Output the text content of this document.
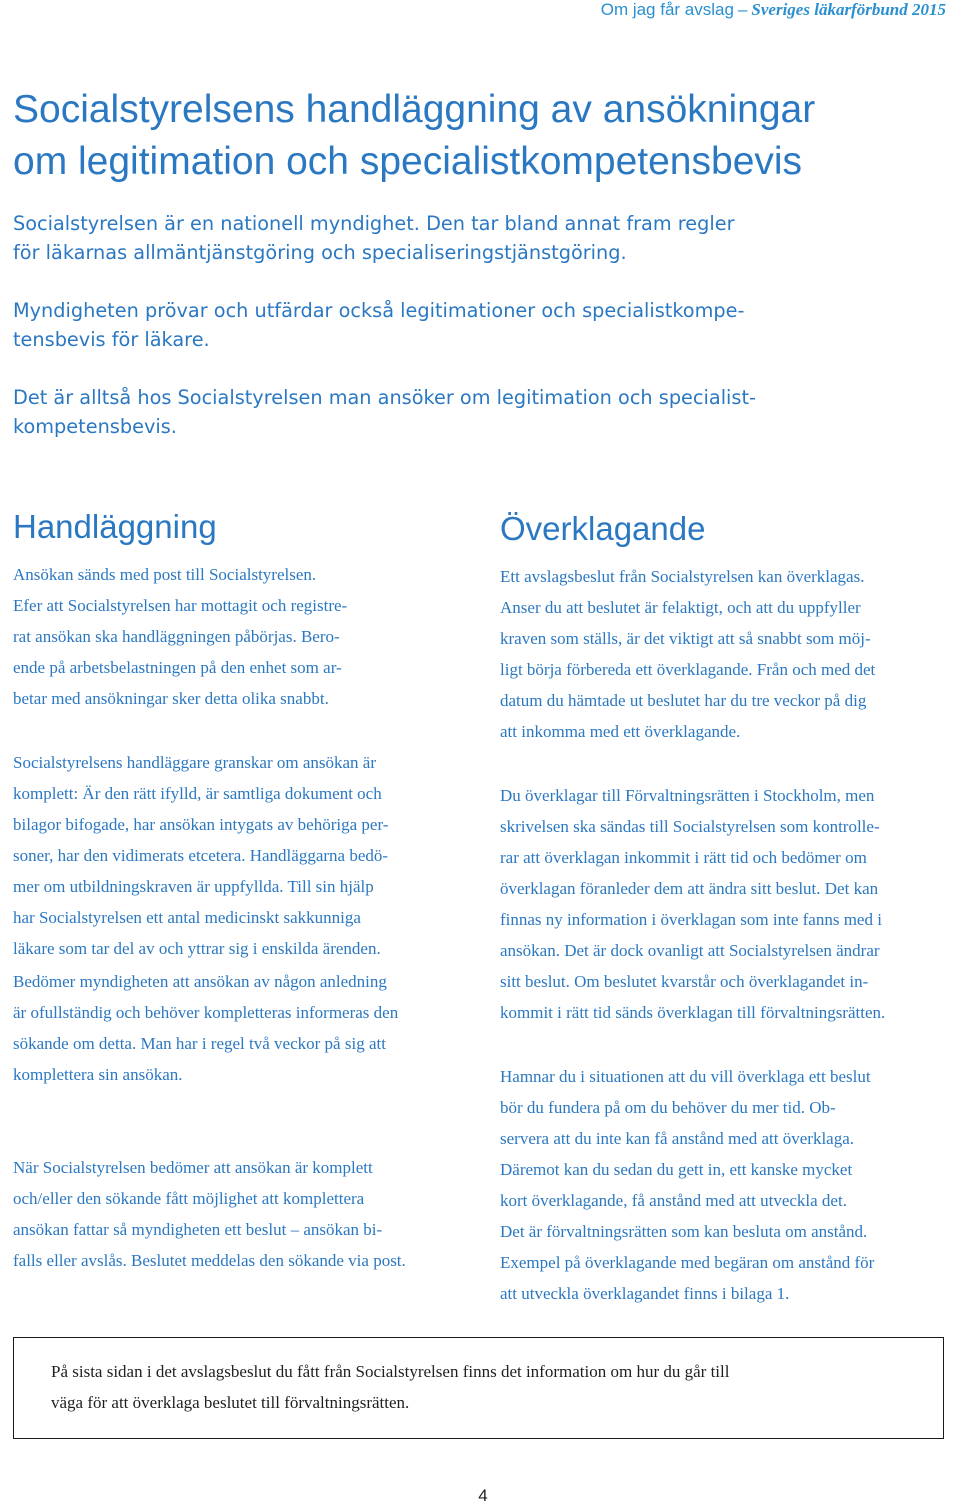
Om jag får avslag – Sveriges läkarförbund 2015
Socialstyrelsens handläggning av ansökningar
om legitimation och specialistkompetensbevis

Socialstyrelsen är en nationell myndighet. Den tar bland annat fram regler
för läkarnas allmäntjänstgöring och specialiseringstjänstgöring.

Myndigheten prövar och utfärdar också legitimationer och specialistkompe-
tensbevis för läkare.

Det är alltså hos Socialstyrelsen man ansöker om legitimation och specialist-
kompetensbevis.

Handläggning

Ansökan sänds med post till Socialstyrelsen.
Efer att Socialstyrelsen har mottagit och registre-
rat ansökan ska handläggningen påbörjas. Bero-
ende på arbetsbelastningen på den enhet som ar-
betar med ansökningar sker detta olika snabbt.

Socialstyrelsens handläggare granskar om ansökan är
komplett: Är den rätt ifylld, är samtliga dokument och
bilagor bifogade, har ansökan intygats av behöriga per-
soner, har den vidimerats etcetera. Handläggarna bedö-
mer om utbildningskraven är uppfyllda. Till sin hjälp
har Socialstyrelsen ett antal medicinskt sakkunniga
läkare som tar del av och yttrar sig i enskilda ärenden.

Bedömer myndigheten att ansökan av någon anledning
är ofullständig och behöver kompletteras informeras den
sökande om detta. Man har i regel två veckor på sig att
komplettera sin ansökan.

När Socialstyrelsen bedömer att ansökan är komplett
och/eller den sökande fått möjlighet att komplettera
ansökan fattar så myndigheten ett beslut – ansökan bi-
falls eller avslås. Beslutet meddelas den sökande via post.

Överklagande

Ett avslagsbeslut från Socialstyrelsen kan överklagas.
Anser du att beslutet är felaktigt, och att du uppfyller
kraven som ställs, är det viktigt att så snabbt som möj-
ligt börja förbereda ett överklagande. Från och med det
datum du hämtade ut beslutet har du tre veckor på dig
att inkomma med ett överklagande.

Du överklagar till Förvaltningsrätten i Stockholm, men
skrivelsen ska sändas till Socialstyrelsen som kontrolle-
rar att överklagan inkommit i rätt tid och bedömer om
överklagan föranleder dem att ändra sitt beslut. Det kan
finnas ny information i överklagan som inte fanns med i
ansökan. Det är dock ovanligt att Socialstyrelsen ändrar
sitt beslut. Om beslutet kvarstår och överklagandet in-
kommit i rätt tid sänds överklagan till förvaltningsrätten.

Hamnar du i situationen att du vill överklaga ett beslut
bör du fundera på om du behöver du mer tid. Ob-
servera att du inte kan få anstånd med att överklaga.
Däremot kan du sedan du gett in, ett kanske mycket
kort överklagande, få anstånd med att utveckla det.
Det är förvaltningsrätten som kan besluta om anstånd.
Exempel på överklagande med begäran om anstånd för
att utveckla överklagandet finns i bilaga 1.

På sista sidan i det avslagsbeslut du fått från Socialstyrelsen finns det information om hur du går till
väga för att överklaga beslutet till förvaltningsrätten.

4
